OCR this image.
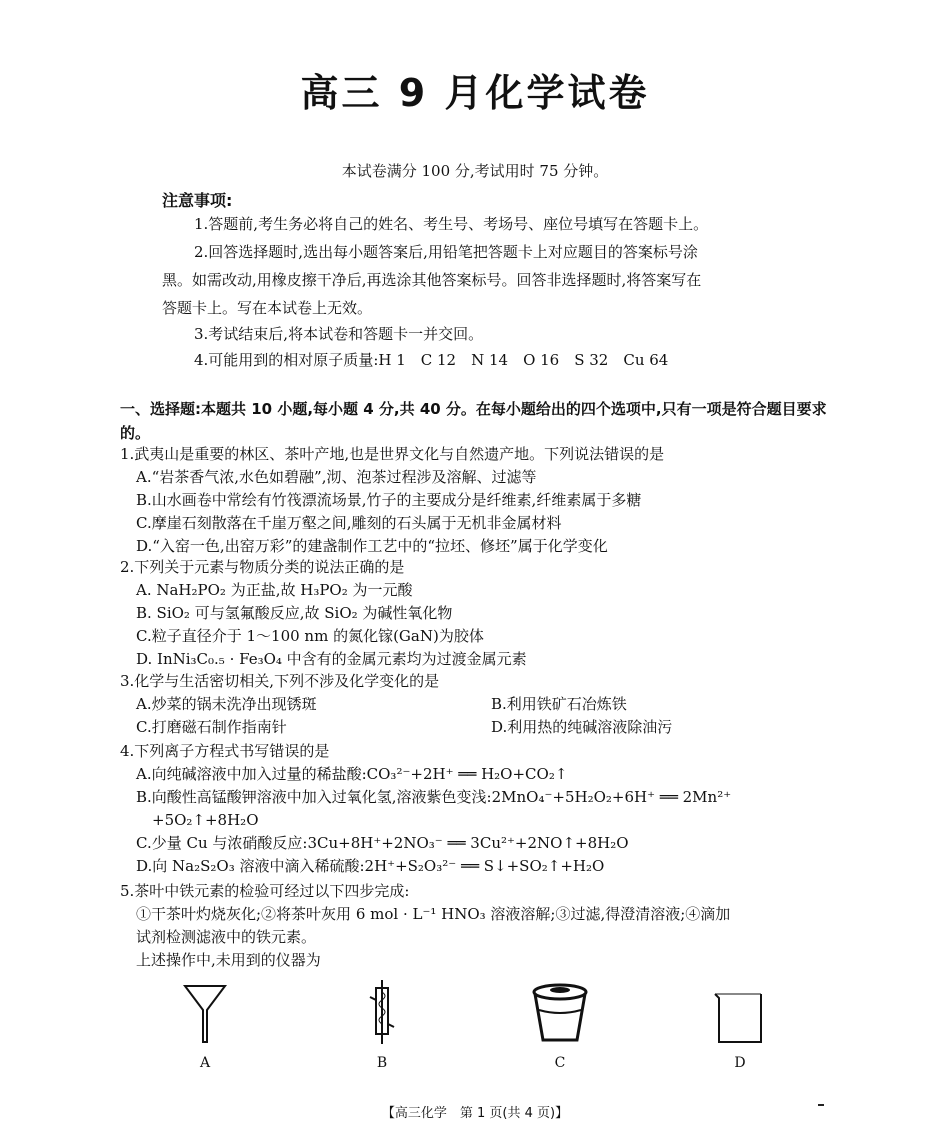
高三 9 月化学试卷
本试卷满分 100 分,考试用时 75 分钟。
注意事项:
1.答题前,考生务必将自己的姓名、考生号、考场号、座位号填写在答题卡上。
2.回答选择题时,选出每小题答案后,用铅笔把答题卡上对应题目的答案标号涂
黑。如需改动,用橡皮擦干净后,再选涂其他答案标号。回答非选择题时,将答案写在
答题卡上。写在本试卷上无效。
3.考试结束后,将本试卷和答题卡一并交回。
4.可能用到的相对原子质量:H 1　C 12　N 14　O 16　S 32　Cu 64
一、选择题:本题共 10 小题,每小题 4 分,共 40 分。在每小题给出的四个选项中,只有一项是符合题目要求的。
1.武夷山是重要的林区、茶叶产地,也是世界文化与自然遗产地。下列说法错误的是
A.“岩茶香气浓,水色如碧融”,沏、泡茶过程涉及溶解、过滤等
B.山水画卷中常绘有竹筏漂流场景,竹子的主要成分是纤维素,纤维素属于多糖
C.摩崖石刻散落在千崖万壑之间,雕刻的石头属于无机非金属材料
D.“入窑一色,出窑万彩”的建盏制作工艺中的“拉坯、修坯”属于化学变化
2.下列关于元素与物质分类的说法正确的是
A. NaH₂PO₂ 为正盐,故 H₃PO₂ 为一元酸
B. SiO₂ 可与氢氟酸反应,故 SiO₂ 为碱性氧化物
C.粒子直径介于 1～100 nm 的氮化镓(GaN)为胶体
D. InNi₃C₀.₅ · Fe₃O₄ 中含有的金属元素均为过渡金属元素
3.化学与生活密切相关,下列不涉及化学变化的是
A.炒菜的锅未洗净出现锈斑	B.利用铁矿石冶炼铁
C.打磨磁石制作指南针	D.利用热的纯碱溶液除油污
4.下列离子方程式书写错误的是
A.向纯碱溶液中加入过量的稀盐酸:CO₃²⁻+2H⁺ ══ H₂O+CO₂↑
B.向酸性高锰酸钾溶液中加入过氧化氢,溶液紫色变浅:2MnO₄⁻+5H₂O₂+6H⁺ ══ 2Mn²⁺
+5O₂↑+8H₂O
C.少量 Cu 与浓硝酸反应:3Cu+8H⁺+2NO₃⁻ ══ 3Cu²⁺+2NO↑+8H₂O
D.向 Na₂S₂O₃ 溶液中滴入稀硫酸:2H⁺+S₂O₃²⁻ ══ S↓+SO₂↑+H₂O
5.茶叶中铁元素的检验可经过以下四步完成:
①干茶叶灼烧灰化;②将茶叶灰用 6 mol · L⁻¹ HNO₃ 溶液溶解;③过滤,得澄清溶液;④滴加
试剂检测滤液中的铁元素。
上述操作中,未用到的仪器为
A	B	C	D
【高三化学　第 1 页(共 4 页)】
